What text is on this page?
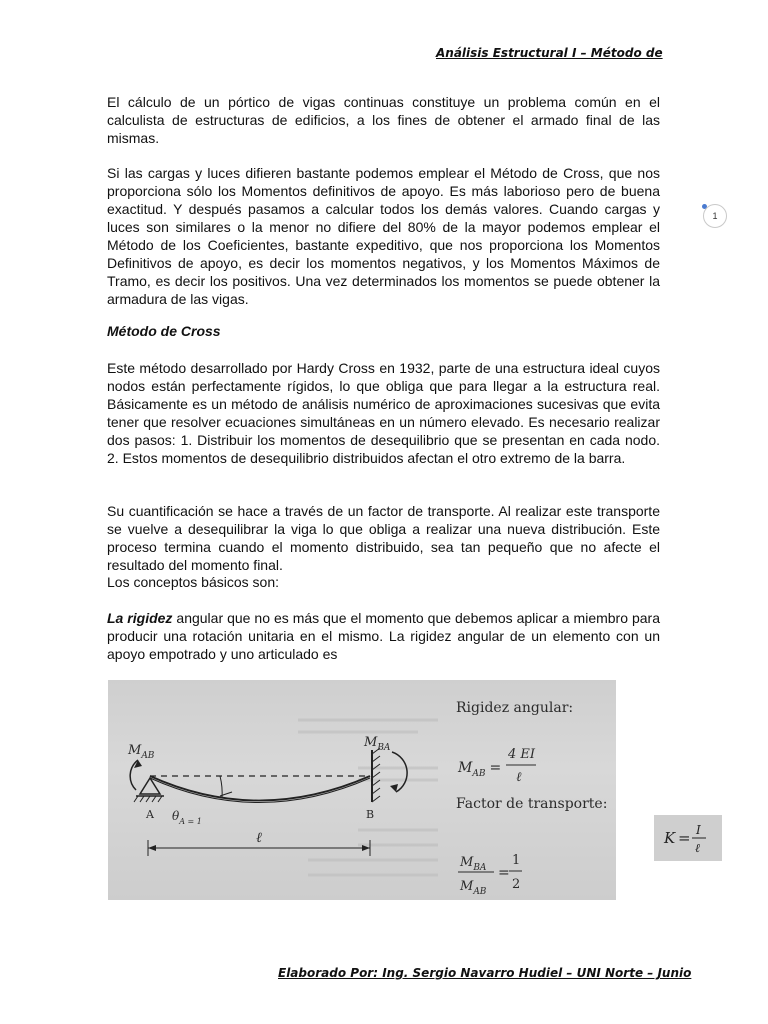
Análisis Estructural I – Método de

El cálculo de un pórtico de vigas continuas constituye un problema común en el calculista de estructuras de edificios, a los fines de obtener el armado final de las mismas.

Si las cargas y luces difieren bastante podemos emplear el Método de Cross, que nos proporciona sólo los Momentos definitivos de apoyo. Es más laborioso pero de buena exactitud. Y después pasamos a calcular todos los demás valores. Cuando cargas y luces son similares o la menor no difiere del 80% de la mayor podemos emplear el Método de los Coeficientes, bastante expeditivo, que nos proporciona los Momentos Definitivos de apoyo, es decir los momentos negativos, y los Momentos Máximos de Tramo, es decir los positivos. Una vez determinados los momentos se puede obtener la armadura de las vigas.

1
Método de Cross

Este método desarrollado por Hardy Cross en 1932, parte de una estructura ideal cuyos nodos están perfectamente rígidos, lo que obliga que para llegar a la estructura real. Básicamente es un método de análisis numérico de aproximaciones sucesivas que evita tener que resolver ecuaciones simultáneas en un número elevado. Es necesario realizar dos pasos: 1. Distribuir los momentos de desequilibrio que se presentan en cada nodo. 2. Estos momentos de desequilibrio distribuidos afectan el otro extremo de la barra.

Su cuantificación se hace a través de un factor de transporte. Al realizar este transporte se vuelve a desequilibrar la viga lo que obliga a realizar una nueva distribución. Este proceso termina cuando el momento distribuido, sea tan pequeño que no afecte el resultado del momento final.

Los conceptos básicos son:

La rigidez angular que no es más que el momento que debemos aplicar a miembro para producir una rotación unitaria en el mismo. La rigidez angular de un elemento con un apoyo empotrado y uno articulado es

$M_{AB}$
$M_{BA}$
A	B
$\theta_{A = 1}$
ℓ
Rigidez angular:
$M_{AB}$ =
4 EI
ℓ
Factor de transporte:
$M_{BA}$
$M_{AB}$
=
1
2
K = I
ℓ
Elaborado Por: Ing. Sergio Navarro Hudiel – UNI Norte – Junio
